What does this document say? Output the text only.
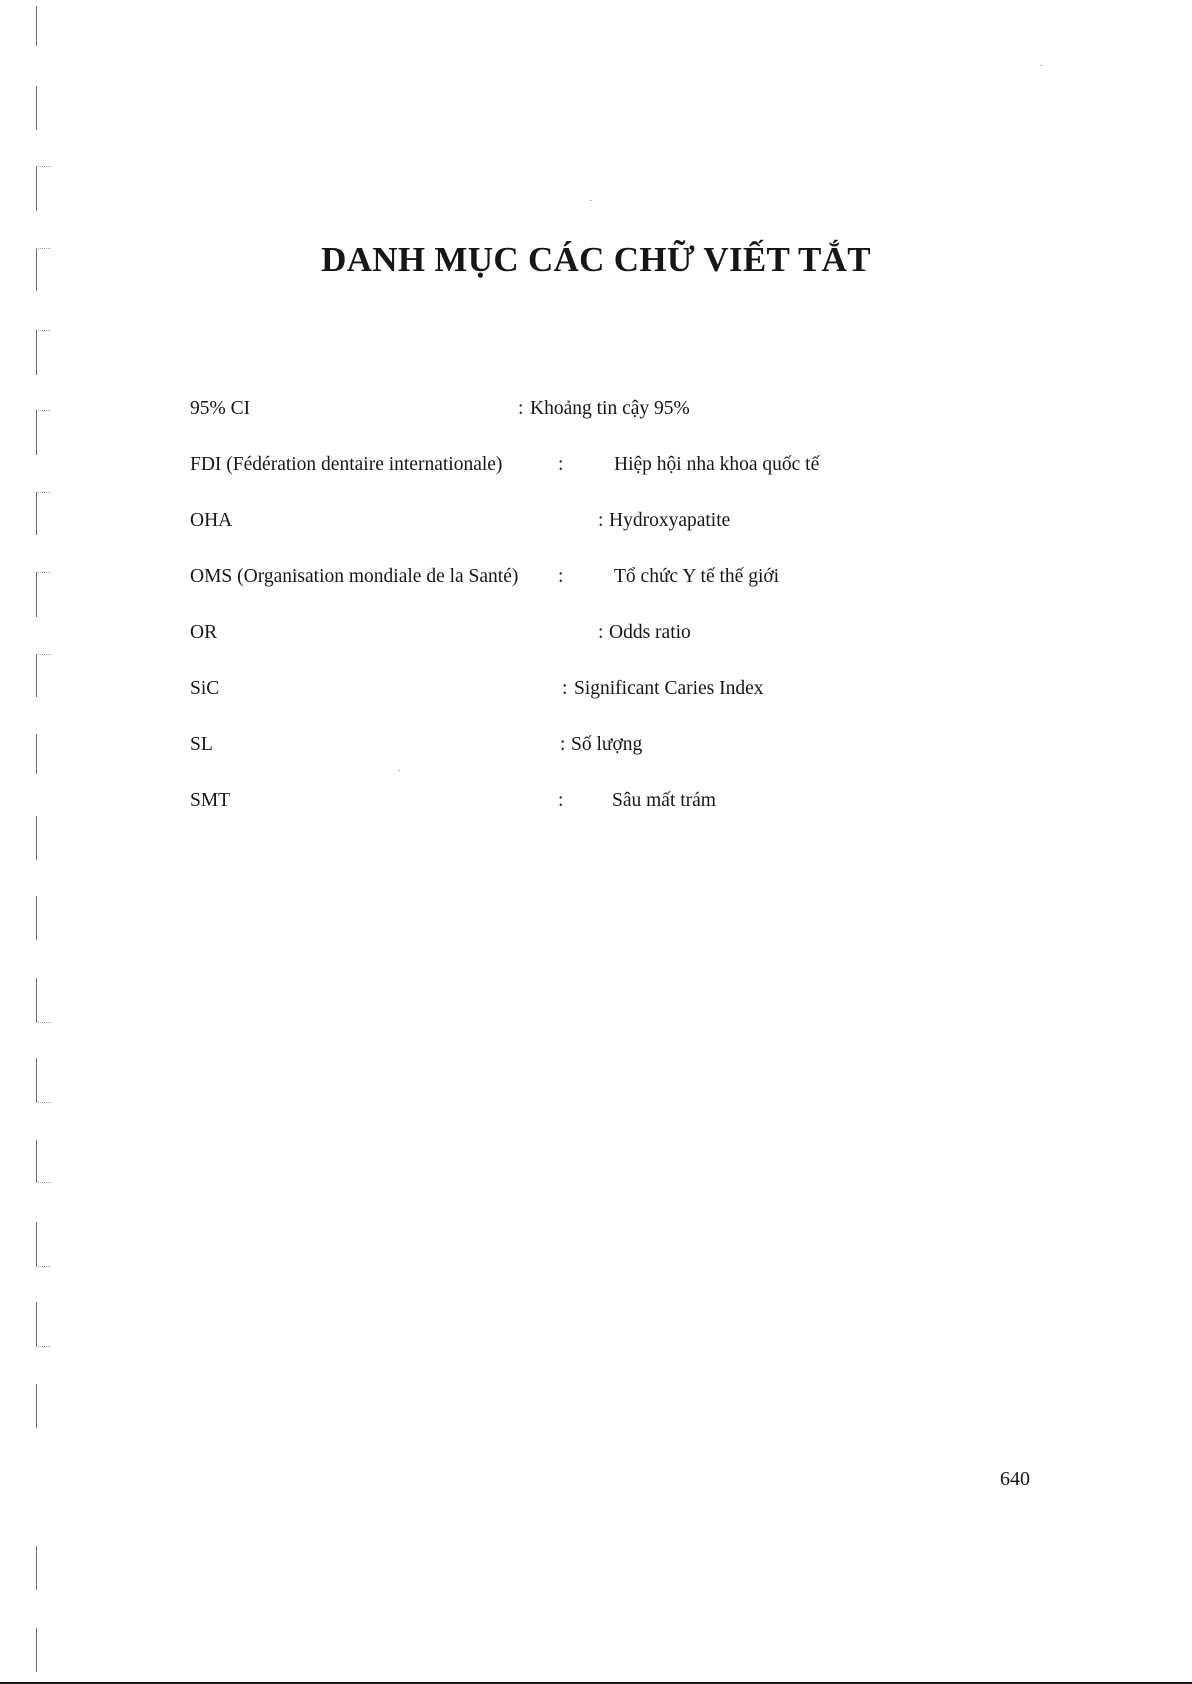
DANH MỤC CÁC CHỮ VIẾT TẮT
95% CI	: Khoảng tin cậy 95%
FDI (Fédération dentaire internationale)	:	Hiệp hội nha khoa quốc tế
OHA	: Hydroxyapatite
OMS (Organisation mondiale de la Santé) :	Tổ chức Y tế thế giới
OR	: Odds ratio
SiC	: Significant Caries Index
SL	: Số lượng
SMT	: Sâu mất trám
640
